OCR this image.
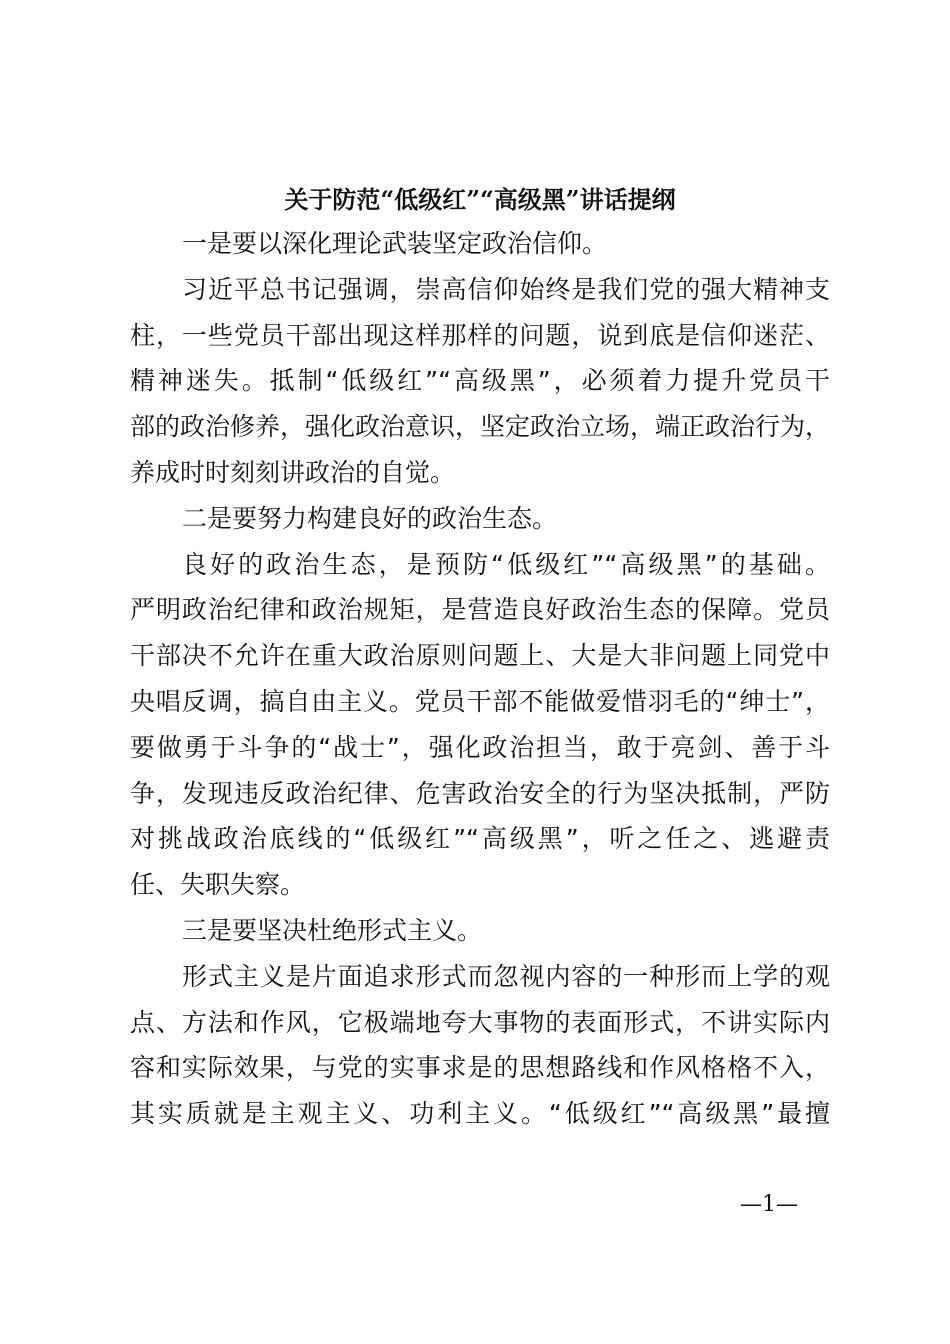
关于防范“低级红”“高级黑”讲话提纲
一是要以深化理论武装坚定政治信仰。
习近平总书记强调，崇高信仰始终是我们党的强大精神支
柱，一些党员干部出现这样那样的问题，说到底是信仰迷茫、
精神迷失。抵制“低级红”“高级黑”，必须着力提升党员干
部的政治修养，强化政治意识，坚定政治立场，端正政治行为，
养成时时刻刻讲政治的自觉。
二是要努力构建良好的政治生态。
良好的政治生态，是预防“低级红”“高级黑”的基础。
严明政治纪律和政治规矩，是营造良好政治生态的保障。党员
干部决不允许在重大政治原则问题上、大是大非问题上同党中
央唱反调，搞自由主义。党员干部不能做爱惜羽毛的“绅士”，
要做勇于斗争的“战士”，强化政治担当，敢于亮剑、善于斗
争，发现违反政治纪律、危害政治安全的行为坚决抵制，严防
对挑战政治底线的“低级红”“高级黑”，听之任之、逃避责
任、失职失察。
三是要坚决杜绝形式主义。
形式主义是片面追求形式而忽视内容的一种形而上学的观
点、方法和作风，它极端地夸大事物的表面形式，不讲实际内
容和实际效果，与党的实事求是的思想路线和作风格格不入，
其实质就是主观主义、功利主义。“低级红”“高级黑”最擅
—1—
